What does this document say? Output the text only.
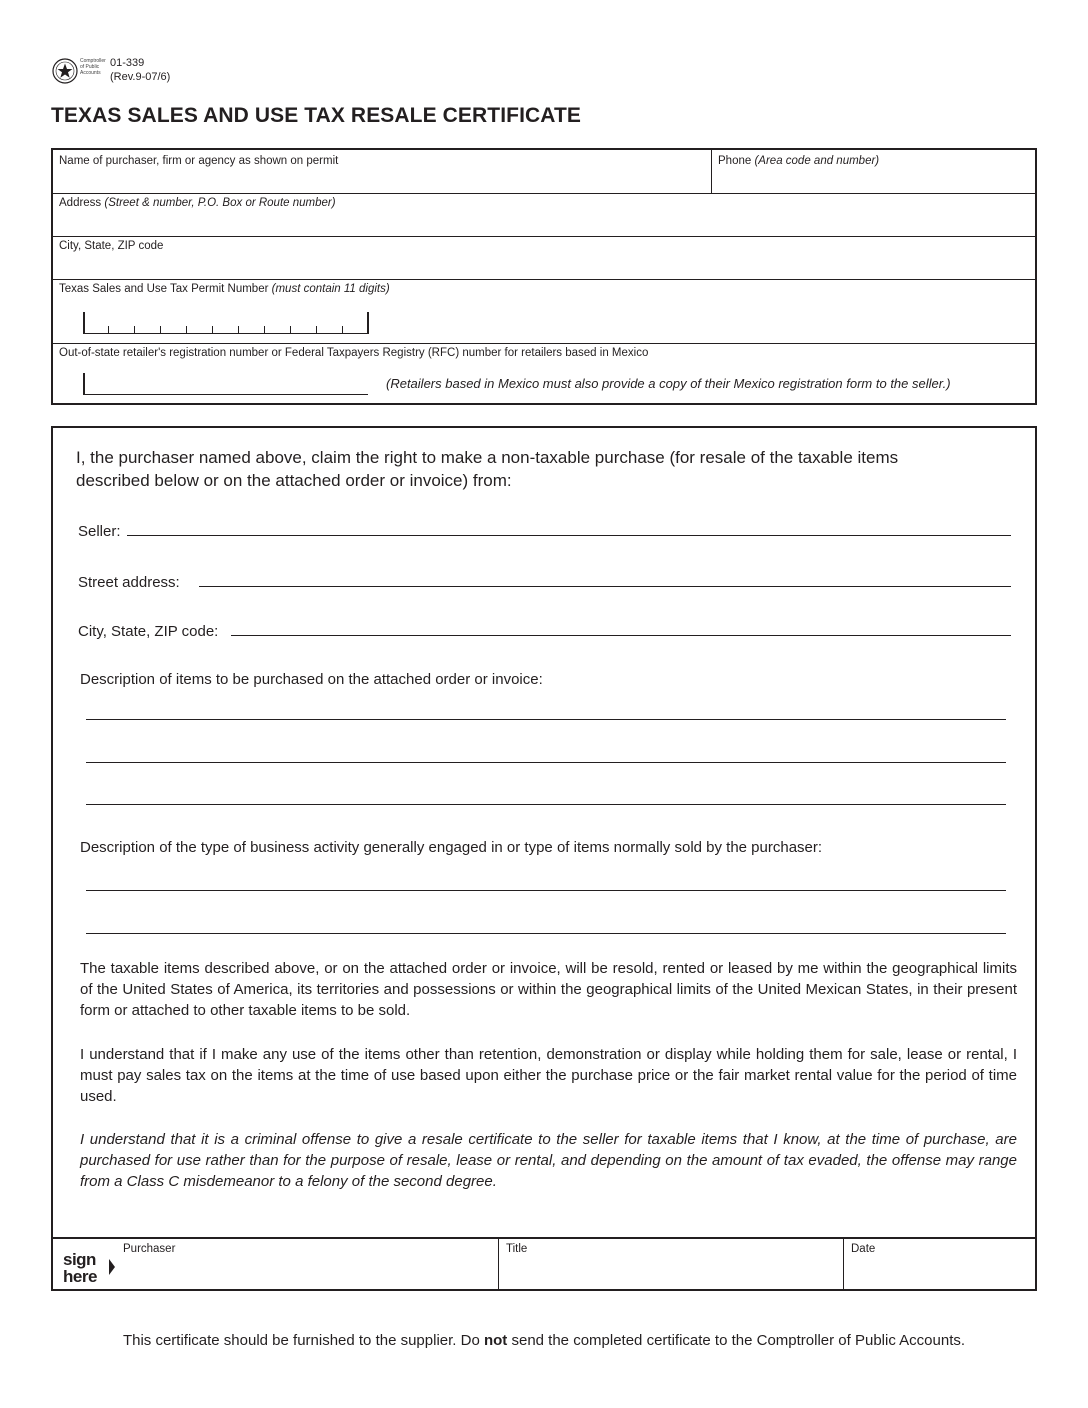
Comptroller of Public Accounts
01-339
(Rev.9-07/6)
TEXAS SALES AND USE TAX RESALE CERTIFICATE
Name of purchaser, firm or agency as shown on permit	Phone (Area code and number)
Address (Street & number, P.O. Box or Route number)
City, State, ZIP code
Texas Sales and Use Tax Permit Number (must contain 11 digits)
Out-of-state retailer's registration number or Federal Taxpayers Registry (RFC) number for retailers based in Mexico
(Retailers based in Mexico must also provide a copy of their Mexico registration form to the seller.)
I, the purchaser named above, claim the right to make a non-taxable purchase (for resale of the taxable items described below or on the attached order or invoice) from:
Seller:
Street address:
City, State, ZIP code:
Description of items to be purchased on the attached order or invoice:
Description of the type of business activity generally engaged in or type of items normally sold by the purchaser:
The taxable items described above, or on the attached order or invoice, will be resold, rented or leased by me within the geographical limits of the United States of America, its territories and possessions or within the geographical limits of the United Mexican States, in their present form or attached to other taxable items to be sold.
I understand that if I make any use of the items other than retention, demonstration or display while holding them for sale, lease or rental, I must pay sales tax on the items at the time of use based upon either the purchase price or the fair market rental value for the period of time used.
I understand that it is a criminal offense to give a resale certificate to the seller for taxable items that I know, at the time of purchase, are purchased for use rather than for the purpose of resale, lease or rental, and depending on the amount of tax evaded, the offense may range from a Class C misdemeanor to a felony of the second degree.
sign
here
Purchaser	Title	Date
This certificate should be furnished to the supplier. Do not send the completed certificate to the Comptroller of Public Accounts.
